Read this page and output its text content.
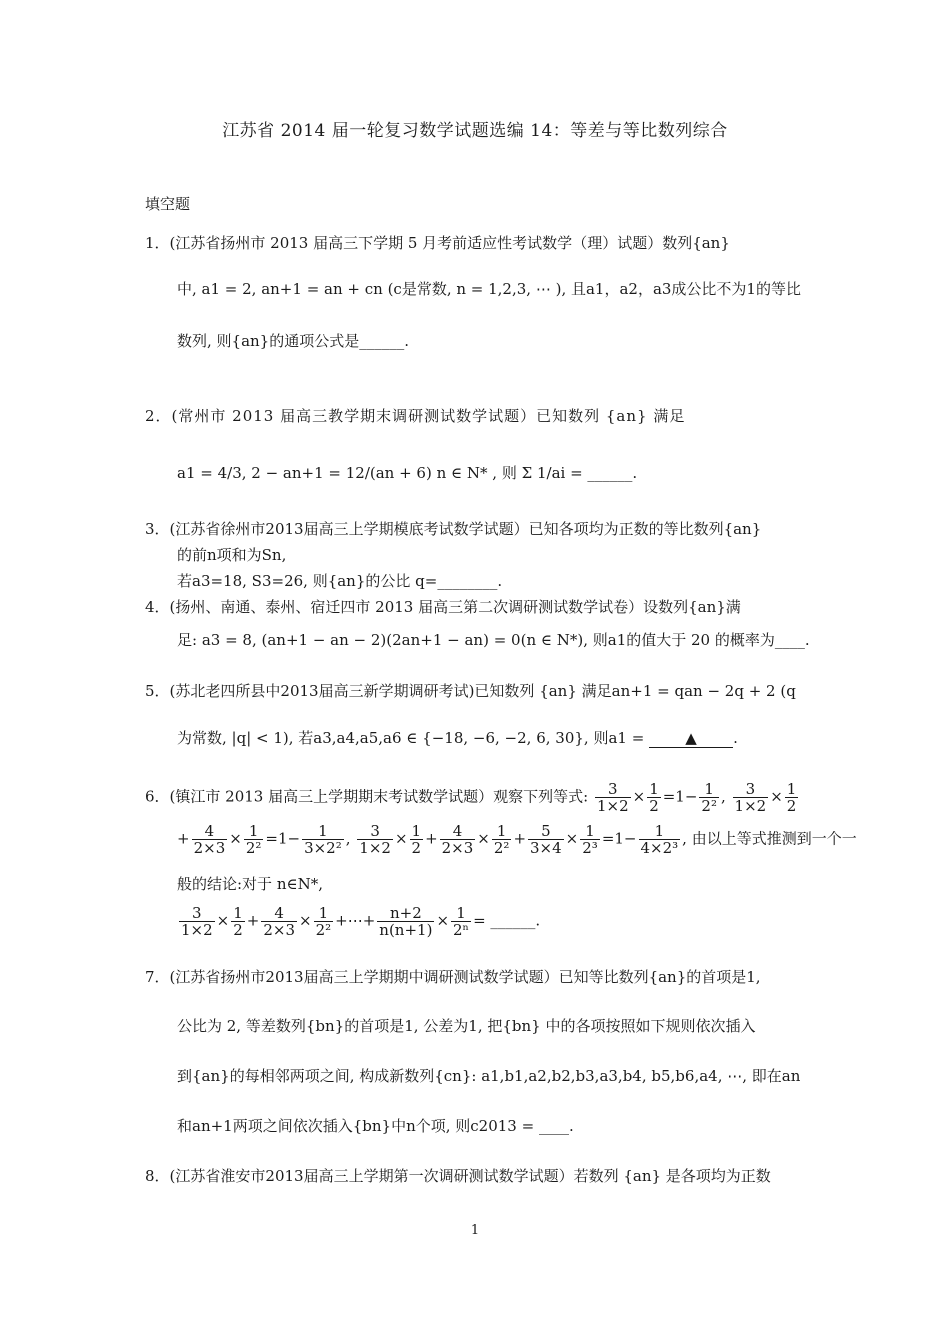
江苏省 2014 届一轮复习数学试题选编 14：等差与等比数列综合
填空题
1．(江苏省扬州市 2013 届高三下学期 5 月考前适应性考试数学（理）试题）数列{an}
中, a1 = 2, an+1 = an + cn (c是常数, n = 1,2,3, ⋯ ), 且a1，a2，a3成公比不为1的等比
数列, 则{an}的通项公式是______.
2．(常州市 2013 届高三教学期末调研测试数学试题）已知数列 {an} 满足
a1 = 4/3, 2 − an+1 = 12/(an + 6) n ∈ N* , 则 Σ 1/ai = ______.
3．(江苏省徐州市2013届高三上学期模底考试数学试题）已知各项均为正数的等比数列{an}
的前n项和为Sn,
若a3=18, S3=26, 则{an}的公比 q=________.
4．(扬州、南通、泰州、宿迁四市 2013 届高三第二次调研测试数学试卷）设数列{an}满
足: a3 = 8, (an+1 − an − 2)(2an+1 − an) = 0(n ∈ N*), 则a1的值大于 20 的概率为____.
5．(苏北老四所县中2013届高三新学期调研考试)已知数列 {an} 满足an+1 = qan − 2q + 2 (q
为常数, |q| < 1), 若a3,a4,a5,a6 ∈ {−18, −6, −2, 6, 30}, 则a1 =	▲ .
6．(镇江市 2013 届高三上学期期末考试数学试题）观察下列等式: $\frac{3}{1\times 2} \times \frac{1}{2} =1- \frac{1}{\text{2²}}$ , $\frac{3}{1\times 2} \times \frac{1}{2}$
+ $\frac{4}{2\times 3} \times \frac{1}{\text{2²}} =1- \frac{1}{\text{3×2²}}$ , $\frac{3}{1\times 2} \times \frac{1}{2} + \frac{4}{2\times 3} \times \frac{1}{\text{2²}} + \frac{5}{3\times 4} \times \frac{1}{\text{2³}} =1- \frac{1}{\text{4×2³}}$ , 由以上等式推测到一个一
般的结论:对于 n∈N*,
$\frac{3}{1\times 2} \times \frac{1}{2} + \frac{4}{2\times 3} \times \frac{1}{\text{2²}}$ +⋯+ $\frac{n+2}{n(n+1)} \times \frac{1}{\text{2ⁿ}}$ = ______.
7．(江苏省扬州市2013届高三上学期期中调研测试数学试题）已知等比数列{an}的首项是1,
公比为 2, 等差数列{bn}的首项是1, 公差为1, 把{bn} 中的各项按照如下规则依次插入
到{an}的每相邻两项之间, 构成新数列{cn}: a1,b1,a2,b2,b3,a3,b4, b5,b6,a4, ⋯, 即在an
和an+1两项之间依次插入{bn}中n个项, 则c2013 = ____.
8．(江苏省淮安市2013届高三上学期第一次调研测试数学试题）若数列 {an} 是各项均为正数
1
